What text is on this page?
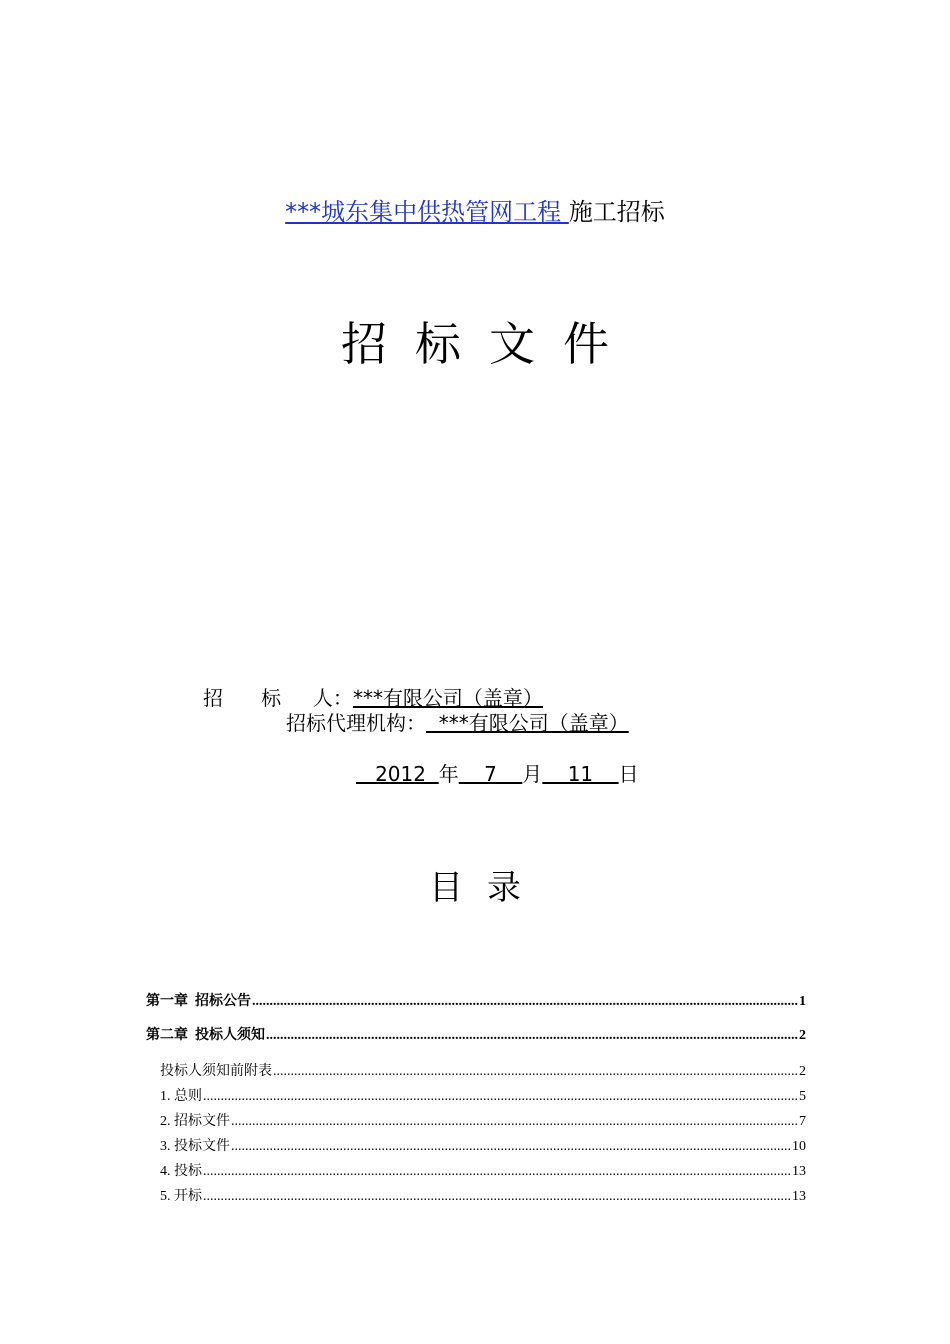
***城东集中供热管网工程 施工招标
招标文件
招      标     人：***有限公司（盖章）
招标代理机构：  ***有限公司（盖章）
2012  年    7    月    11    日
目录
第一章  招标公告 .....	1
第二章  投标人须知 .....	2
投标人须知前附表 .....	2
1. 总则 .....	5
2. 招标文件 .....	7
3. 投标文件 .....	10
4. 投标 .....	13
5. 开标 .....	13
